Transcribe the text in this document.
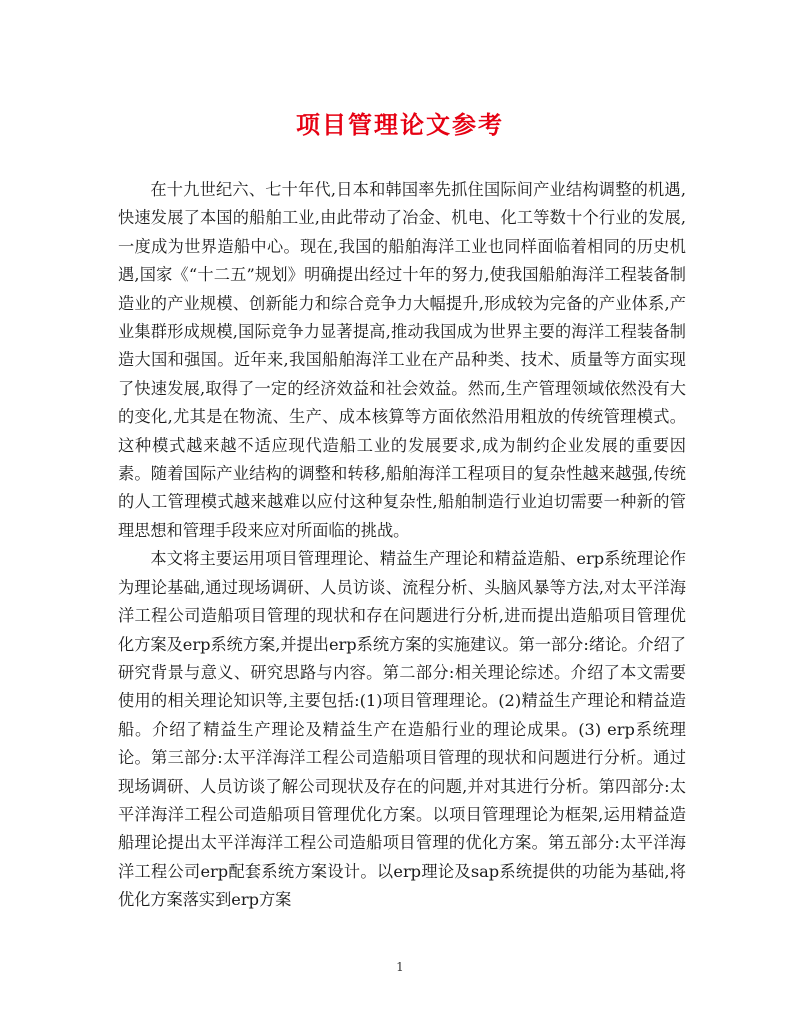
项目管理论文参考

在十九世纪六、七十年代,日本和韩国率先抓住国际间产业结构调整的机遇,快速发展了本国的船舶工业,由此带动了冶金、机电、化工等数十个行业的发展,一度成为世界造船中心。现在,我国的船舶海洋工业也同样面临着相同的历史机遇,国家《“十二五”规划》明确提出经过十年的努力,使我国船舶海洋工程装备制造业的产业规模、创新能力和综合竞争力大幅提升,形成较为完备的产业体系,产业集群形成规模,国际竞争力显著提高,推动我国成为世界主要的海洋工程装备制造大国和强国。近年来,我国船舶海洋工业在产品种类、技术、质量等方面实现了快速发展,取得了一定的经济效益和社会效益。然而,生产管理领域依然没有大的变化,尤其是在物流、生产、成本核算等方面依然沿用粗放的传统管理模式。这种模式越来越不适应现代造船工业的发展要求,成为制约企业发展的重要因素。随着国际产业结构的调整和转移,船舶海洋工程项目的复杂性越来越强,传统的人工管理模式越来越难以应付这种复杂性,船舶制造行业迫切需要一种新的管理思想和管理手段来应对所面临的挑战。

本文将主要运用项目管理理论、精益生产理论和精益造船、erp系统理论作为理论基础,通过现场调研、人员访谈、流程分析、头脑风暴等方法,对太平洋海洋工程公司造船项目管理的现状和存在问题进行分析,进而提出造船项目管理优化方案及erp系统方案,并提出erp系统方案的实施建议。第一部分:绪论。介绍了研究背景与意义、研究思路与内容。第二部分:相关理论综述。介绍了本文需要使用的相关理论知识等,主要包括:(1)项目管理理论。(2)精益生产理论和精益造船。介绍了精益生产理论及精益生产在造船行业的理论成果。(3) erp系统理论。第三部分:太平洋海洋工程公司造船项目管理的现状和问题进行分析。通过现场调研、人员访谈了解公司现状及存在的问题,并对其进行分析。第四部分:太平洋海洋工程公司造船项目管理优化方案。以项目管理理论为框架,运用精益造船理论提出太平洋海洋工程公司造船项目管理的优化方案。第五部分:太平洋海洋工程公司erp配套系统方案设计。以erp理论及sap系统提供的功能为基础,将优化方案落实到erp方案

1
